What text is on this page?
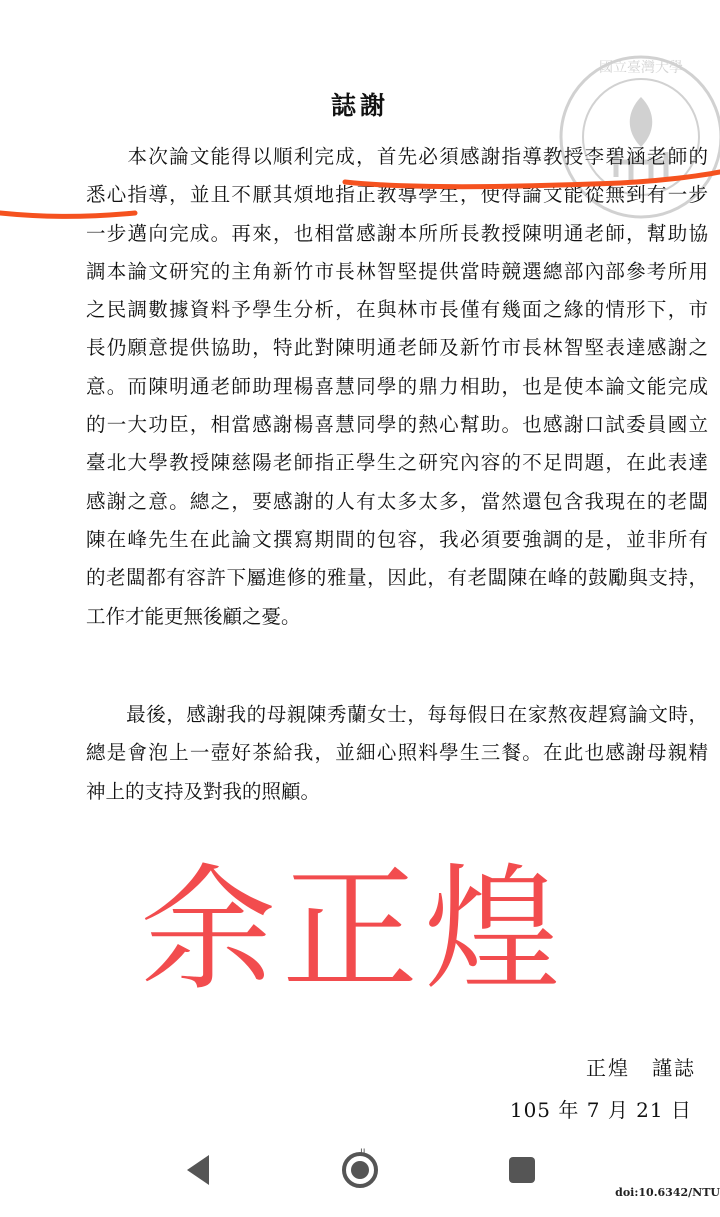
國立臺灣大學
誌謝
　　本次論文能得以順利完成，首先必須感謝指導教授李碧涵老師的
悉心指導，並且不厭其煩地指正教導學生，使得論文能從無到有一步
一步邁向完成。再來，也相當感謝本所所長教授陳明通老師，幫助協
調本論文研究的主角新竹市長林智堅提供當時競選總部內部參考所用
之民調數據資料予學生分析，在與林市長僅有幾面之緣的情形下，市
長仍願意提供協助，特此對陳明通老師及新竹市長林智堅表達感謝之
意。而陳明通老師助理楊喜慧同學的鼎力相助，也是使本論文能完成
的一大功臣，相當感謝楊喜慧同學的熱心幫助。也感謝口試委員國立
臺北大學教授陳慈陽老師指正學生之研究內容的不足問題，在此表達
感謝之意。總之，要感謝的人有太多太多，當然還包含我現在的老闆
陳在峰先生在此論文撰寫期間的包容，我必須要強調的是，並非所有
的老闆都有容許下屬進修的雅量，因此，有老闆陳在峰的鼓勵與支持，
工作才能更無後顧之憂。
　　最後，感謝我的母親陳秀蘭女士，每每假日在家熬夜趕寫論文時，
總是會泡上一壺好茶給我，並細心照料學生三餐。在此也感謝母親精
神上的支持及對我的照顧。
余正煌
正煌　謹誌
105 年 7 月 21 日
ıı
doi:10.6342/NTU
